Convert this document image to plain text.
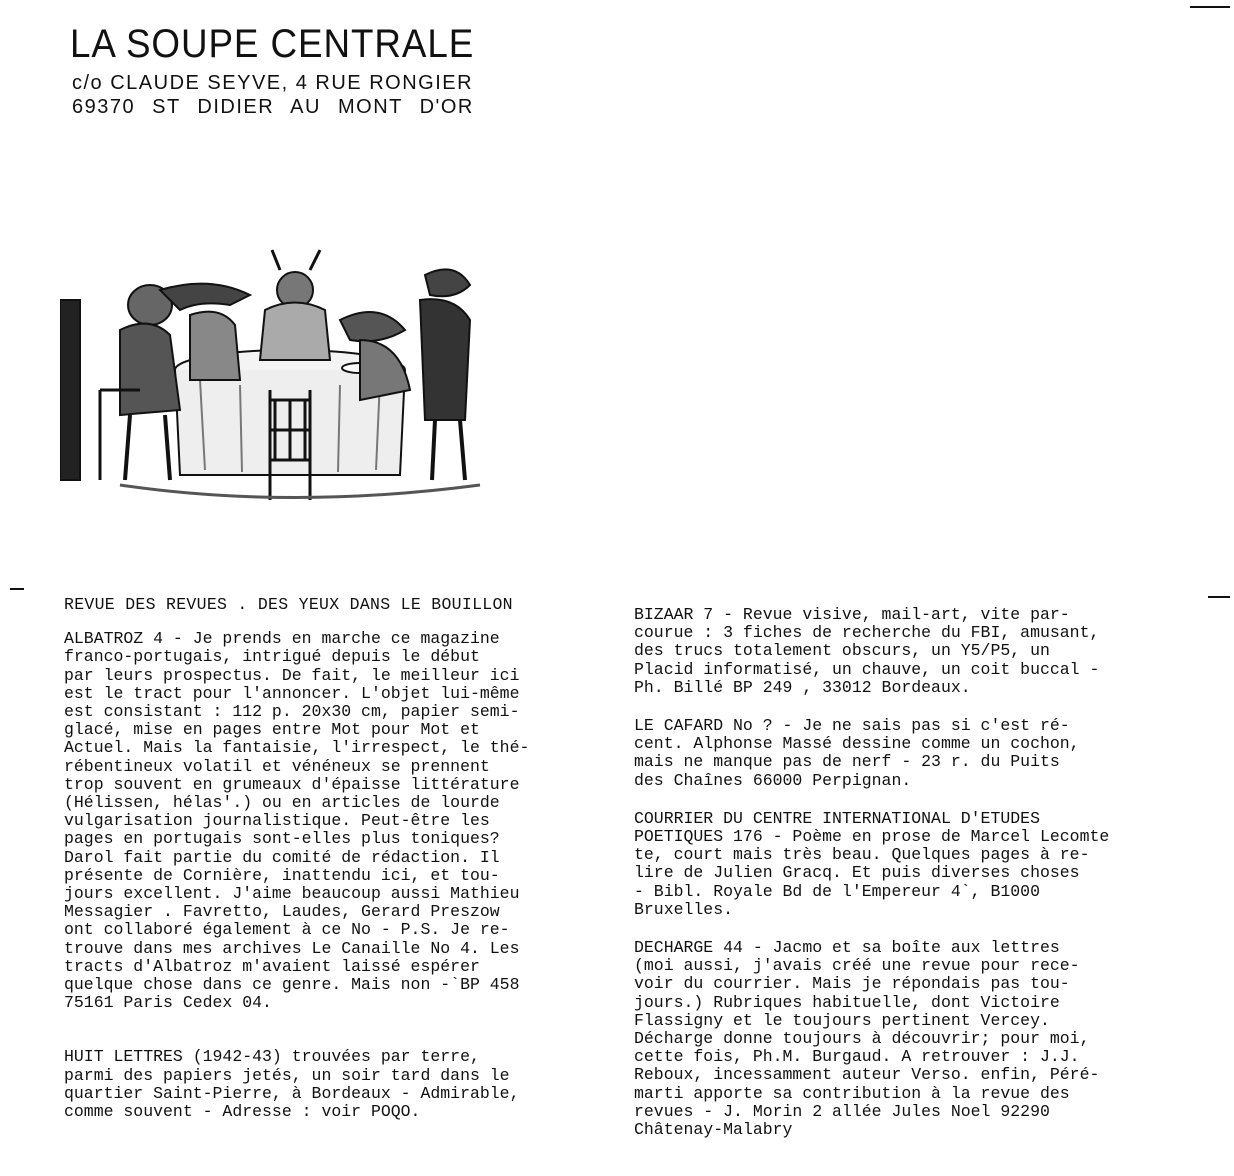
LA SOUPE CENTRALE
c/o CLAUDE SEYVE, 4 RUE RONGIER
69370 ST DIDIER AU MONT D'OR

REVUE DES REVUES . DES YEUX DANS LE BOUILLON

ALBATROZ 4 - Je prends en marche ce magazine
franco-portugais, intrigué depuis le début
par leurs prospectus. De fait, le meilleur ici
est le tract pour l'annoncer. L'objet lui-même
est consistant : 112 p. 20x30 cm, papier semi-
glacé, mise en pages entre Mot pour Mot et
Actuel. Mais la fantaisie, l'irrespect, le thé-
rébentineux volatil et vénéneux se prennent
trop souvent en grumeaux d'épaisse littérature
(Hélissen, hélas'.) ou en articles de lourde
vulgarisation journalistique. Peut-être les
pages en portugais sont-elles plus toniques?
Darol fait partie du comité de rédaction. Il
présente de Cornière, inattendu ici, et tou-
jours excellent. J'aime beaucoup aussi Mathieu
Messagier . Favretto, Laudes, Gerard Preszow
ont collaboré également à ce No - P.S. Je re-
trouve dans mes archives Le Canaille No 4. Les
tracts d'Albatroz m'avaient laissé espérer
quelque chose dans ce genre. Mais non -`BP 458
75161 Paris Cedex 04.

HUIT LETTRES (1942-43) trouvées par terre,
parmi des papiers jetés, un soir tard dans le
quartier Saint-Pierre, à Bordeaux - Admirable,
comme souvent - Adresse : voir POQO.

BIZAAR 7 - Revue visive, mail-art, vite par-
courue : 3 fiches de recherche du FBI, amusant,
des trucs totalement obscurs, un Y5/P5, un
Placid informatisé, un chauve, un coit buccal -
Ph. Billé BP 249 , 33012 Bordeaux.

LE CAFARD No ? - Je ne sais pas si c'est ré-
cent. Alphonse Massé dessine comme un cochon,
mais ne manque pas de nerf - 23 r. du Puits
des Chaînes 66000 Perpignan.

COURRIER DU CENTRE INTERNATIONAL D'ETUDES
POETIQUES 176 - Poème en prose de Marcel Lecomte
te, court mais très beau. Quelques pages à re-
lire de Julien Gracq. Et puis diverses choses
- Bibl. Royale Bd de l'Empereur 4`, B1000
Bruxelles.

DECHARGE 44 - Jacmo et sa boîte aux lettres
(moi aussi, j'avais créé une revue pour rece-
voir du courrier. Mais je répondais pas tou-
jours.) Rubriques habituelle, dont Victoire
Flassigny et le toujours pertinent Vercey.
Décharge donne toujours à découvrir; pour moi,
cette fois, Ph.M. Burgaud. A retrouver : J.J.
Reboux, incessamment auteur Verso. enfin, Péré-
marti apporte sa contribution à la revue des
revues - J. Morin 2 allée Jules Noel 92290
Châtenay-Malabry
